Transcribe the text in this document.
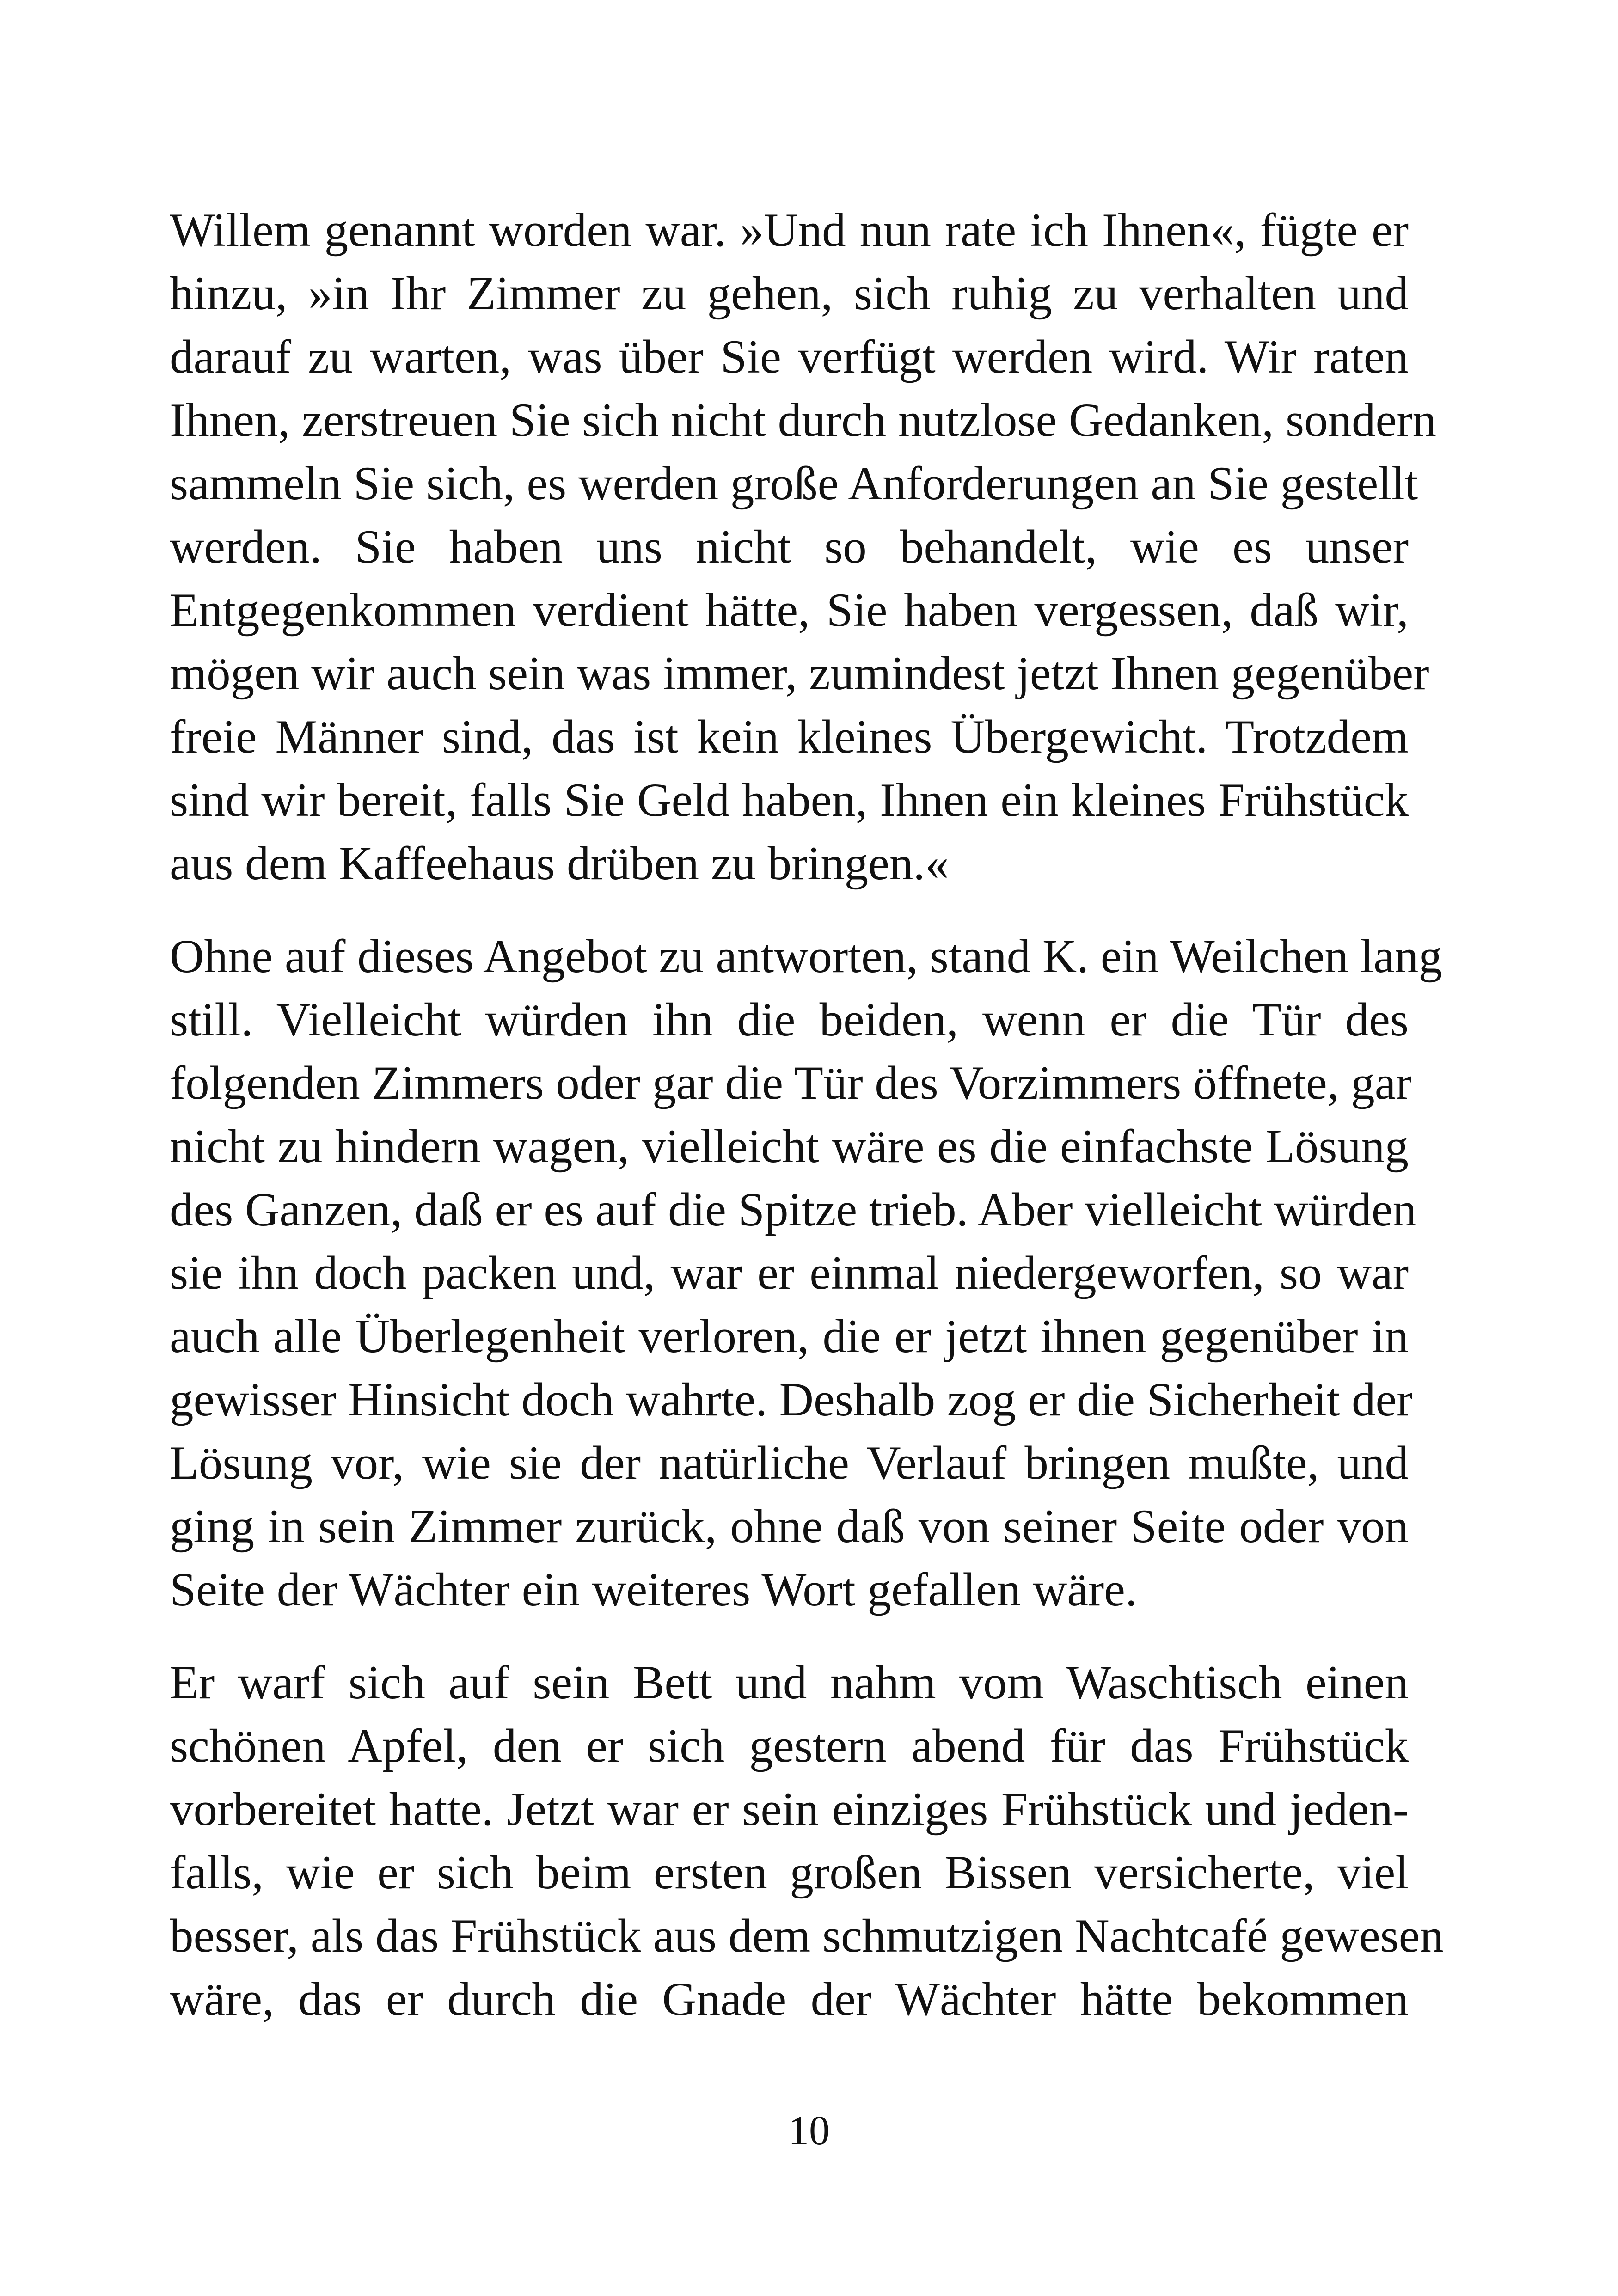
Willem genannt worden war. »Und nun rate ich Ihnen«, fügte er
hinzu, »in Ihr Zimmer zu gehen, sich ruhig zu verhalten und
darauf zu warten, was über Sie verfügt werden wird. Wir raten
Ihnen, zerstreuen Sie sich nicht durch nutzlose Gedanken, sondern
sammeln Sie sich, es werden große Anforderungen an Sie gestellt
werden. Sie haben uns nicht so behandelt, wie es unser
Entgegenkommen verdient hätte, Sie haben vergessen, daß wir,
mögen wir auch sein was immer, zumindest jetzt Ihnen gegenüber
freie Männer sind, das ist kein kleines Übergewicht. Trotzdem
sind wir bereit, falls Sie Geld haben, Ihnen ein kleines Frühstück
aus dem Kaffeehaus drüben zu bringen.«
Ohne auf dieses Angebot zu antworten, stand K. ein Weilchen lang
still. Vielleicht würden ihn die beiden, wenn er die Tür des
folgenden Zimmers oder gar die Tür des Vorzimmers öffnete, gar
nicht zu hindern wagen, vielleicht wäre es die einfachste Lösung
des Ganzen, daß er es auf die Spitze trieb. Aber vielleicht würden
sie ihn doch packen und, war er einmal niedergeworfen, so war
auch alle Überlegenheit verloren, die er jetzt ihnen gegenüber in
gewisser Hinsicht doch wahrte. Deshalb zog er die Sicherheit der
Lösung vor, wie sie der natürliche Verlauf bringen mußte, und
ging in sein Zimmer zurück, ohne daß von seiner Seite oder von
Seite der Wächter ein weiteres Wort gefallen wäre.
Er warf sich auf sein Bett und nahm vom Waschtisch einen
schönen Apfel, den er sich gestern abend für das Frühstück
vorbereitet hatte. Jetzt war er sein einziges Frühstück und jeden-
falls, wie er sich beim ersten großen Bissen versicherte, viel
besser, als das Frühstück aus dem schmutzigen Nachtcafé gewesen
wäre, das er durch die Gnade der Wächter hätte bekommen
10
